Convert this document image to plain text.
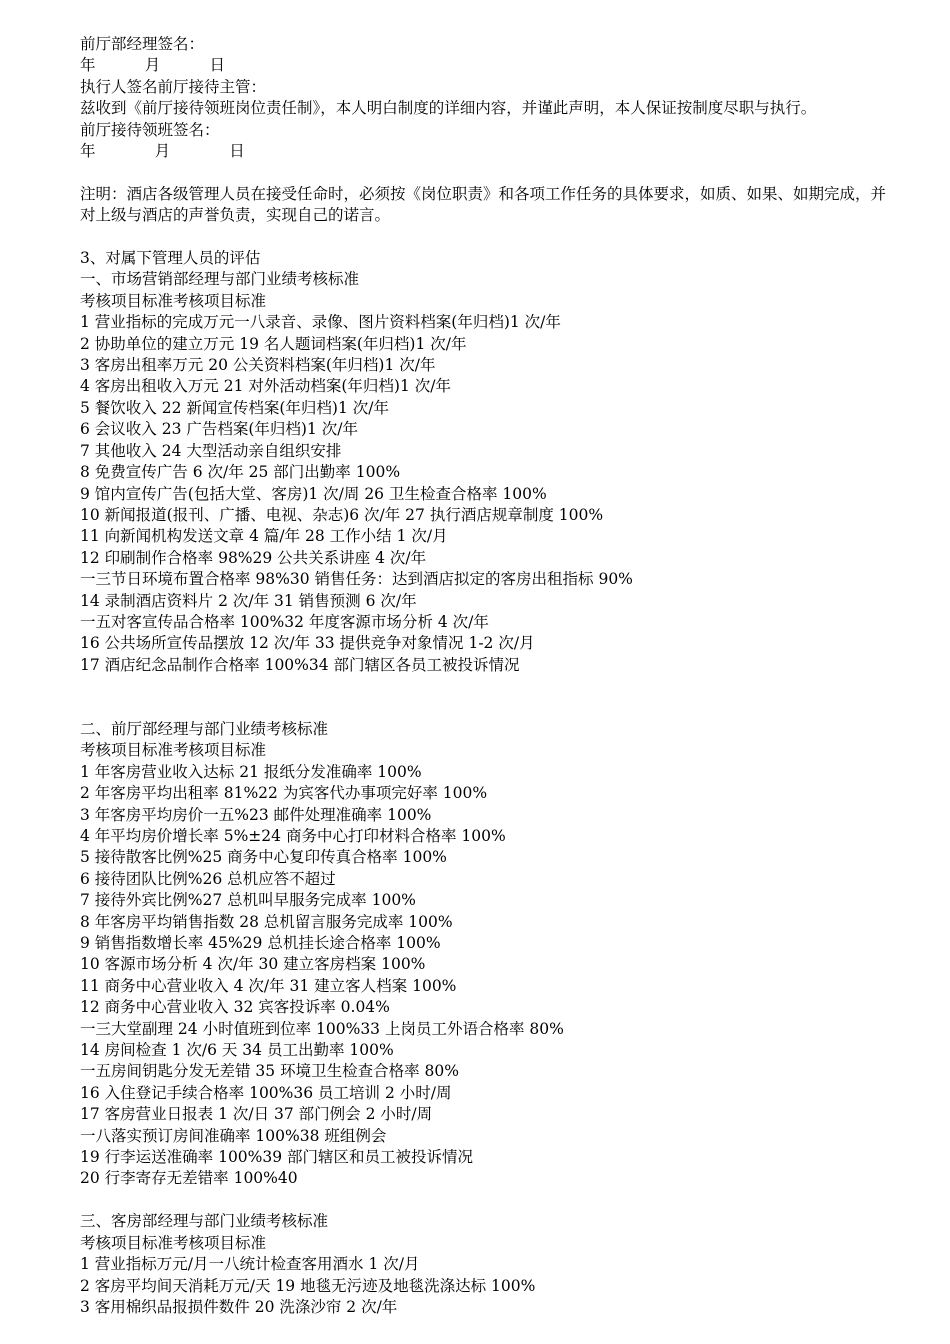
前厅部经理签名：
年          月          日
执行人签名前厅接待主管：
兹收到《前厅接待领班岗位责任制》，本人明白制度的详细内容，并谨此声明，本人保证按制度尽职与执行。
前厅接待领班签名：
年            月            日
注明：酒店各级管理人员在接受任命时，必须按《岗位职责》和各项工作任务的具体要求，如质、如果、如期完成，并对上级与酒店的声誉负责，实现自己的诺言。
3、对属下管理人员的评估
一、市场营销部经理与部门业绩考核标准
考核项目标准考核项目标准
1 营业指标的完成万元一八录音、录像、图片资料档案(年归档)1 次/年
2 协助单位的建立万元 19 名人题词档案(年归档)1 次/年
3 客房出租率万元 20 公关资料档案(年归档)1 次/年
4 客房出租收入万元 21 对外活动档案(年归档)1 次/年
5 餐饮收入 22 新闻宣传档案(年归档)1 次/年
6 会议收入 23 广告档案(年归档)1 次/年
7 其他收入 24 大型活动亲自组织安排
8 免费宣传广告 6 次/年 25 部门出勤率 100%
9 馆内宣传广告(包括大堂、客房)1 次/周 26 卫生检查合格率 100%
10 新闻报道(报刊、广播、电视、杂志)6 次/年 27 执行酒店规章制度 100%
11 向新闻机构发送文章 4 篇/年 28 工作小结 1 次/月
12 印刷制作合格率 98%29 公共关系讲座 4 次/年
一三节日环境布置合格率 98%30 销售任务：达到酒店拟定的客房出租指标 90%
14 录制酒店资料片 2 次/年 31 销售预测 6 次/年
一五对客宣传品合格率 100%32 年度客源市场分析 4 次/年
16 公共场所宣传品摆放 12 次/年 33 提供竞争对象情况 1-2 次/月
17 酒店纪念品制作合格率 100%34 部门辖区各员工被投诉情况
二、前厅部经理与部门业绩考核标准
考核项目标准考核项目标准
1 年客房营业收入达标 21 报纸分发准确率 100%
2 年客房平均出租率 81%22 为宾客代办事项完好率 100%
3 年客房平均房价一五%23 邮件处理准确率 100%
4 年平均房价增长率 5%±24 商务中心打印材料合格率 100%
5 接待散客比例%25 商务中心复印传真合格率 100%
6 接待团队比例%26 总机应答不超过
7 接待外宾比例%27 总机叫早服务完成率 100%
8 年客房平均销售指数 28 总机留言服务完成率 100%
9 销售指数增长率 45%29 总机挂长途合格率 100%
10 客源市场分析 4 次/年 30 建立客房档案 100%
11 商务中心营业收入 4 次/年 31 建立客人档案 100%
12 商务中心营业收入 32 宾客投诉率 0.04%
一三大堂副理 24 小时值班到位率 100%33 上岗员工外语合格率 80%
14 房间检查 1 次/6 天 34 员工出勤率 100%
一五房间钥匙分发无差错 35 环境卫生检查合格率 80%
16 入住登记手续合格率 100%36 员工培训 2 小时/周
17 客房营业日报表 1 次/日 37 部门例会 2 小时/周
一八落实预订房间准确率 100%38 班组例会
19 行李运送准确率 100%39 部门辖区和员工被投诉情况
20 行李寄存无差错率 100%40
三、客房部经理与部门业绩考核标准
考核项目标准考核项目标准
1 营业指标万元/月一八统计检查客用酒水 1 次/月
2 客房平均间天消耗万元/天 19 地毯无污迹及地毯洗涤达标 100%
3 客用棉织品报损件数件 20 洗涤沙帘 2 次/年
